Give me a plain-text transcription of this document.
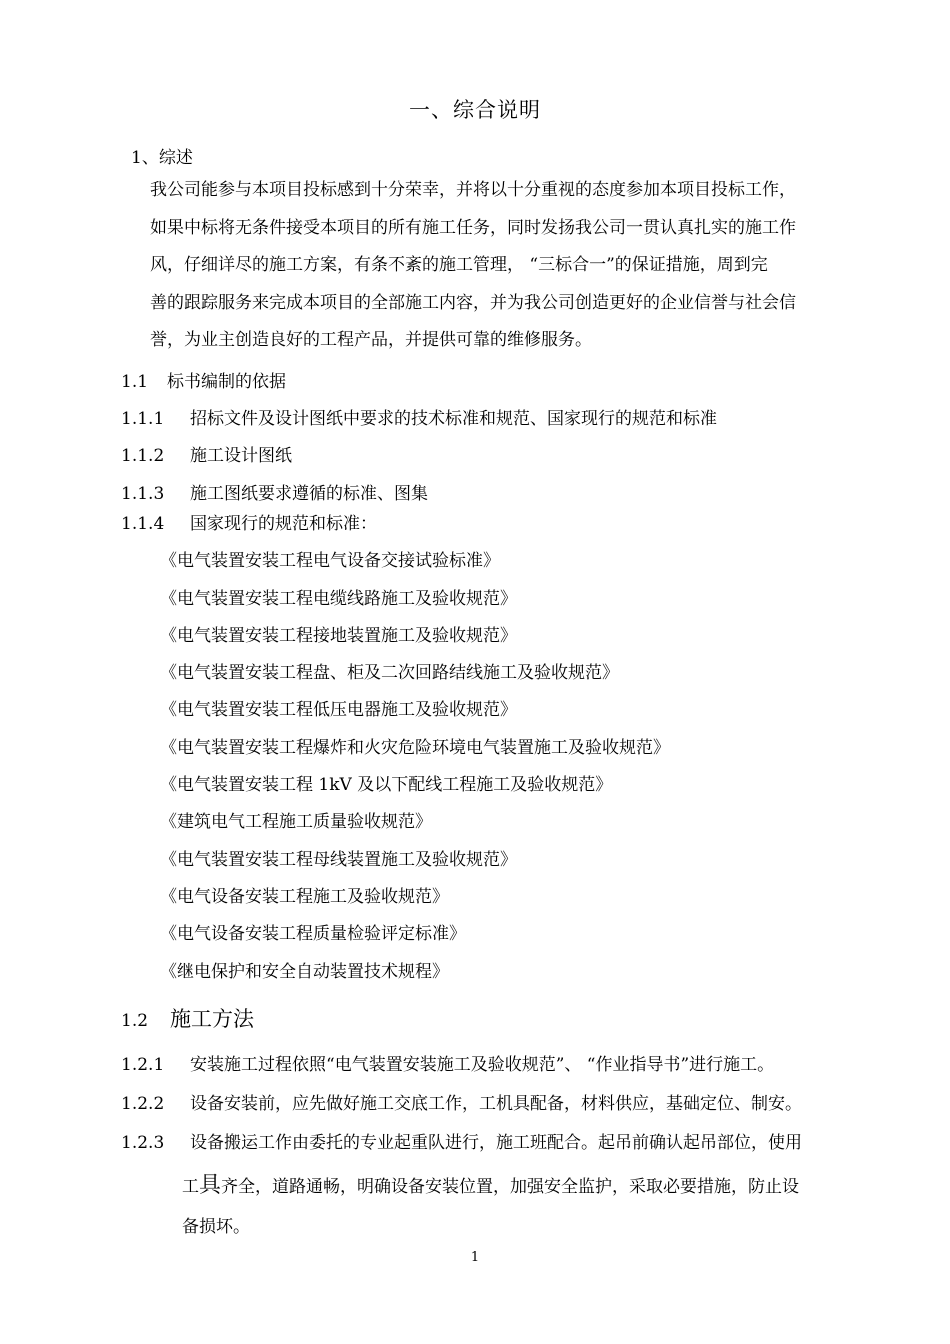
一、综合说明
1、综述
我公司能参与本项目投标感到十分荣幸，并将以十分重视的态度参加本项目投标工作，
如果中标将无条件接受本项目的所有施工任务，同时发扬我公司一贯认真扎实的施工作
风，仔细详尽的施工方案，有条不紊的施工管理， “三标合一”的保证措施，周到完
善的跟踪服务来完成本项目的全部施工内容，并为我公司创造更好的企业信誉与社会信
誉，为业主创造良好的工程产品，并提供可靠的维修服务。
1.1 标书编制的依据
1.1.1 招标文件及设计图纸中要求的技术标准和规范、国家现行的规范和标准
1.1.2 施工设计图纸
1.1.3 施工图纸要求遵循的标准、图集
1.1.4 国家现行的规范和标准：
《电气装置安装工程电气设备交接试验标准》
《电气装置安装工程电缆线路施工及验收规范》
《电气装置安装工程接地装置施工及验收规范》
《电气装置安装工程盘、柜及二次回路结线施工及验收规范》
《电气装置安装工程低压电器施工及验收规范》
《电气装置安装工程爆炸和火灾危险环境电气装置施工及验收规范》
《电气装置安装工程 1kV 及以下配线工程施工及验收规范》
《建筑电气工程施工质量验收规范》
《电气装置安装工程母线装置施工及验收规范》
《电气设备安装工程施工及验收规范》
《电气设备安装工程质量检验评定标准》
《继电保护和安全自动装置技术规程》
1.2 施工方法
1.2.1 安装施工过程依照“电气装置安装施工及验收规范”、 “作业指导书”进行施工。
1.2.2 设备安装前，应先做好施工交底工作，工机具配备，材料供应，基础定位、制安。
1.2.3 设备搬运工作由委托的专业起重队进行，施工班配合。起吊前确认起吊部位，使用
工具齐全，道路通畅，明确设备安装位置，加强安全监护，采取必要措施，防止设
备损坏。
1
